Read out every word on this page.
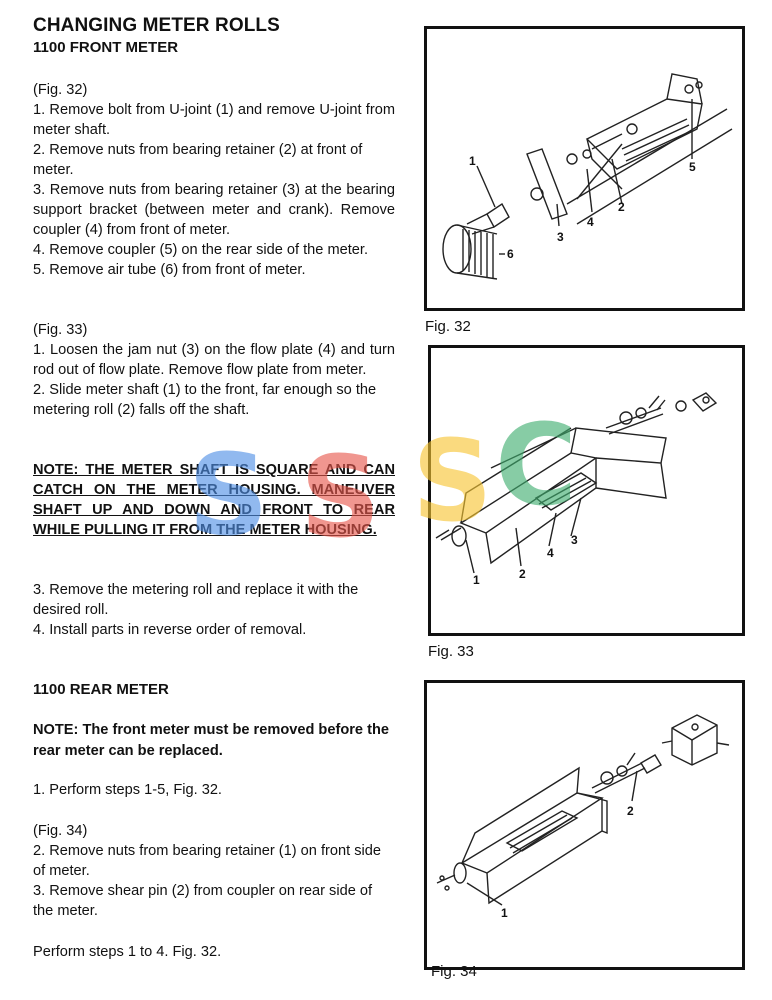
CHANGING METER ROLLS
1100 FRONT METER

(Fig. 32)

1. Remove bolt from U-joint (1) and remove U-joint from meter shaft.

2. Remove nuts from bearing retainer (2) at front of meter.

3. Remove nuts from bearing retainer (3) at the bearing support bracket (between meter and crank). Remove coupler (4) from front of meter.

4. Remove coupler (5) on the rear side of the meter.

5. Remove air tube (6) from front of meter.

(Fig. 33)

1. Loosen the jam nut (3) on the flow plate (4) and turn rod out of flow plate. Remove flow plate from meter.

2. Slide meter shaft (1) to the front, far enough so the metering roll (2) falls off the shaft.

NOTE: THE METER SHAFT IS SQUARE AND CAN CATCH ON THE METER HOUSING. MANEUVER SHAFT UP AND DOWN AND FRONT TO REAR WHILE PULLING IT FROM THE METER HOUSING.

3. Remove the metering roll and replace it with the desired roll.

4. Install parts in reverse order of removal.

1100 REAR METER
NOTE: The front meter must be removed before the rear meter can be replaced.
1. Perform steps 1-5, Fig. 32.

(Fig. 34)

2. Remove nuts from bearing retainer (1) on front side of meter.

3. Remove shear pin (2) from coupler on rear side of the meter.

Perform steps 1 to 4. Fig. 32.
1
2
3
4
5
6
Fig. 32
1	2
3
4
Fig. 33
1
2
Fig. 34
S S S C
